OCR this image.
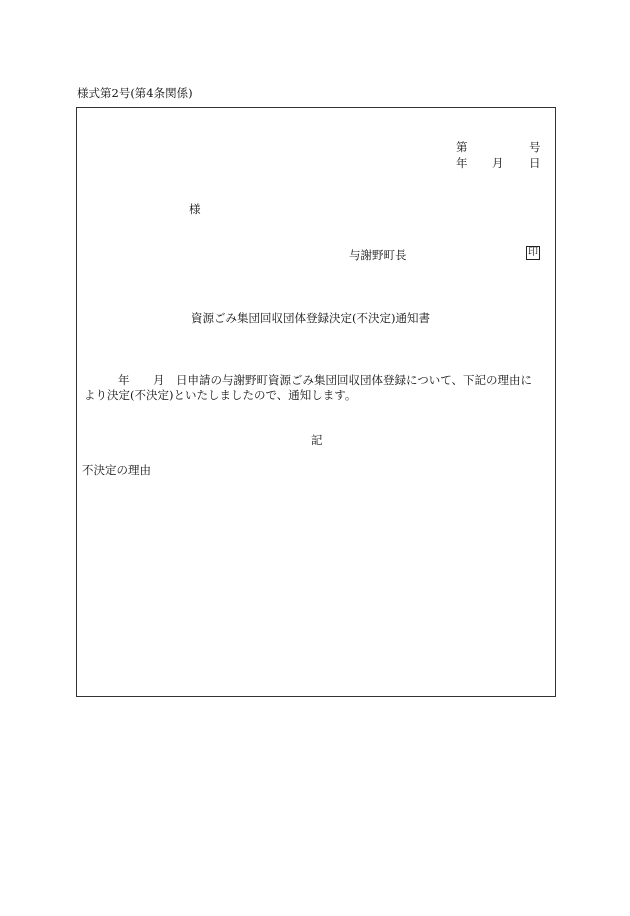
様式第2号(第4条関係)
第	号
年 月 日
様
与謝野町長	印
資源ごみ集団回収団体登録決定(不決定)通知書
年 月 日申請の与謝野町資源ごみ集団回収団体登録について、下記の理由に
より決定(不決定)といたしましたので、通知します。
記
不決定の理由
